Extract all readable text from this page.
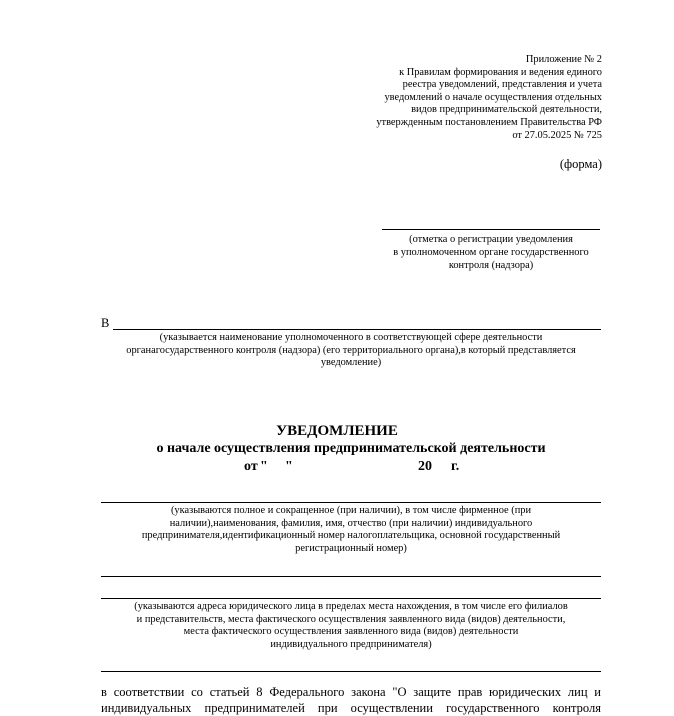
Приложение № 2
к Правилам формирования и ведения единого
реестра уведомлений, представления и учета
уведомлений о начале осуществления отдельных
видов предпринимательской деятельности,
утвержденным постановлением Правительства РФ
от 27.05.2025 № 725
(форма)
(отметка о регистрации уведомления
в уполномоченном органе государственного
контроля (надзора)
В
(указывается наименование уполномоченного в соответствующей сфере деятельности
органагосударственного контроля (надзора) (его территориального органа),в который представляется
уведомление)
УВЕДОМЛЕНИЕ
о начале осуществления предпринимательской деятельности
от " "	20 г.
(указываются полное и сокращенное (при наличии), в том числе фирменное (при
наличии),наименования, фамилия, имя, отчество (при наличии) индивидуального
предпринимателя,идентификационный номер налогоплательщика, основной государственный
регистрационный номер)
(указываются адреса юридического лица в пределах места нахождения, в том числе его филиалов
и представительств, места фактического осуществления заявленного вида (видов) деятельности,
места фактического осуществления заявленного вида (видов) деятельности
индивидуального предпринимателя)
в соответствии со статьей 8 Федерального закона "О защите прав юридических лиц и
индивидуальных предпринимателей при осуществлении государственного контроля
